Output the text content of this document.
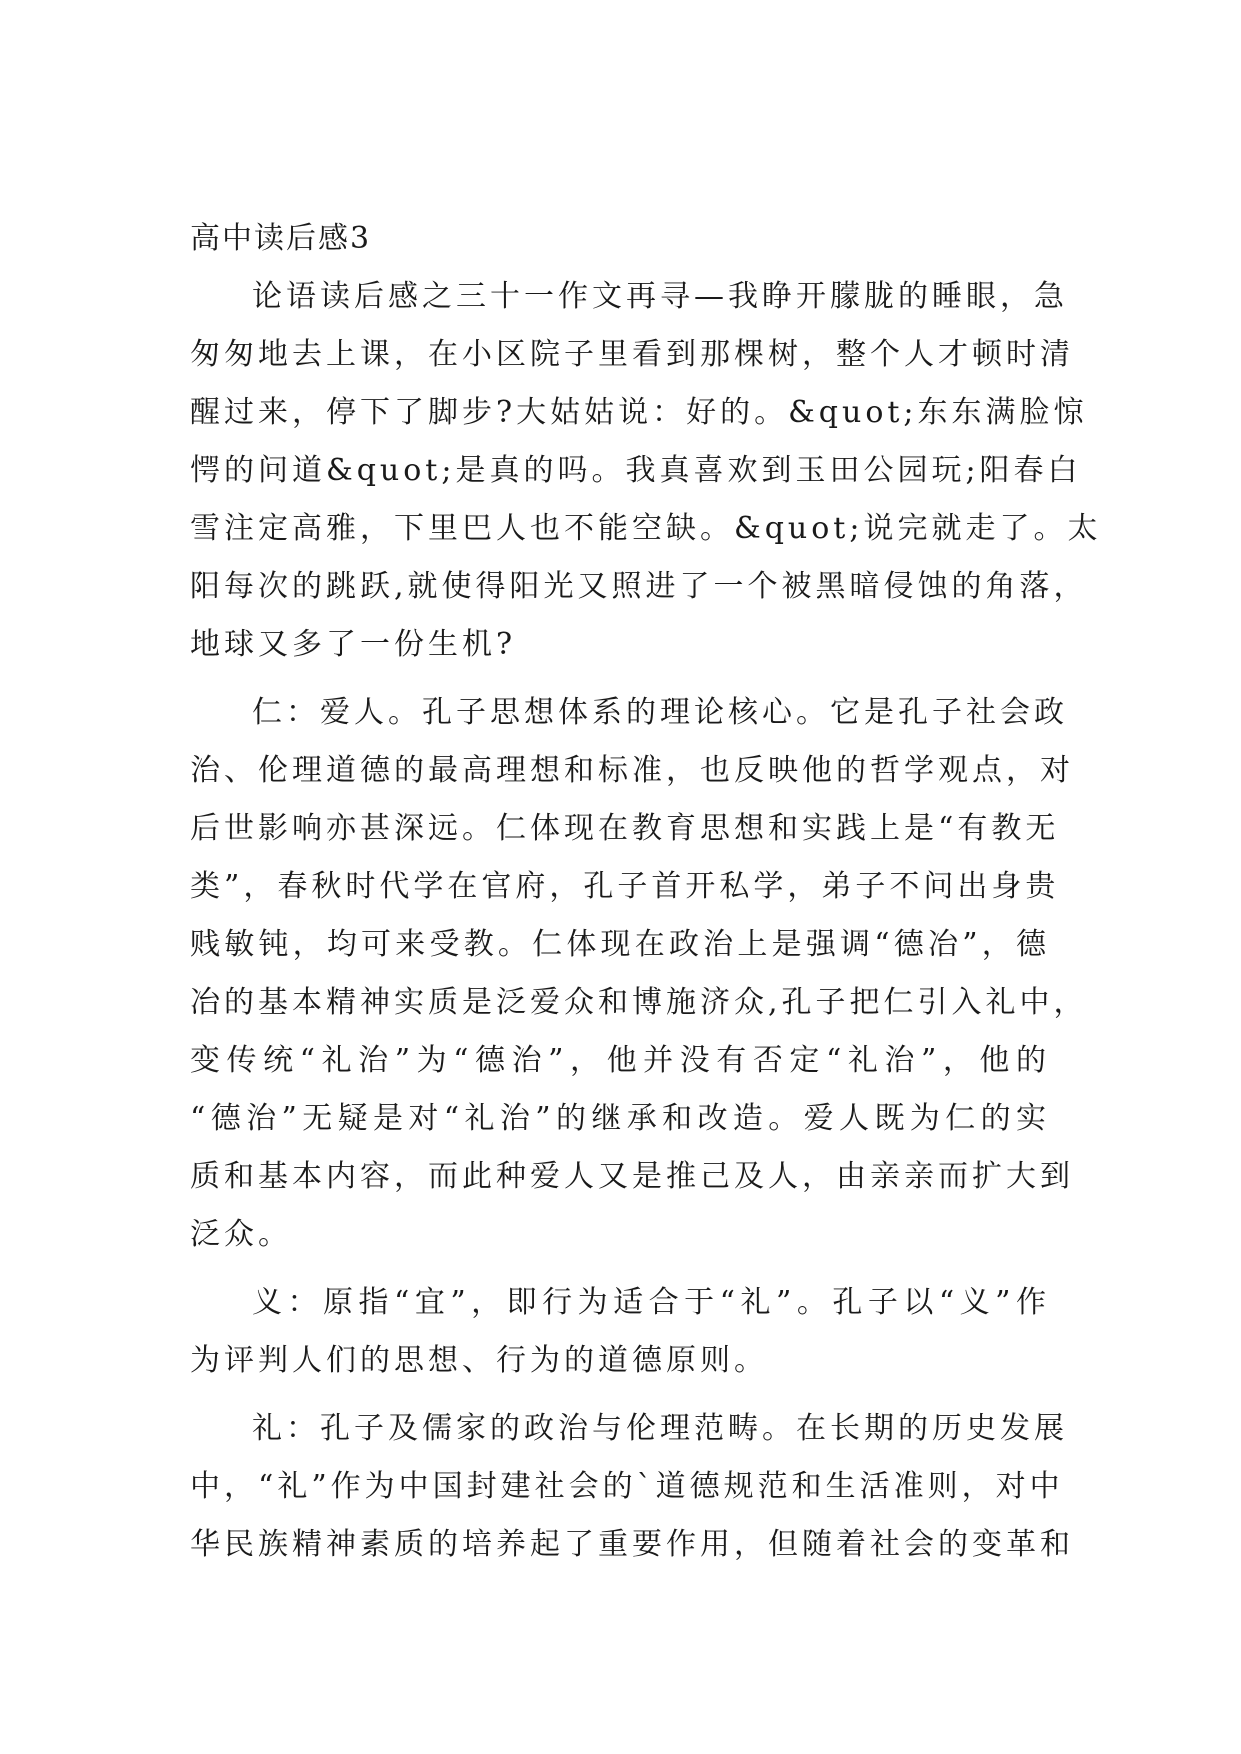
高中读后感3
论语读后感之三十一作文再寻—我睁开朦胧的睡眼，急
匆匆地去上课，在小区院子里看到那棵树，整个人才顿时清
醒过来，停下了脚步?大姑姑说：好的。&quot;东东满脸惊
愕的问道&quot;是真的吗。我真喜欢到玉田公园玩;阳春白
雪注定高雅，下里巴人也不能空缺。&quot;说完就走了。太
阳每次的跳跃,就使得阳光又照进了一个被黑暗侵蚀的角落，
地球又多了一份生机?
仁：爱人。孔子思想体系的理论核心。它是孔子社会政
治、伦理道德的最高理想和标准，也反映他的哲学观点，对
后世影响亦甚深远。仁体现在教育思想和实践上是“有教无
类”，春秋时代学在官府，孔子首开私学，弟子不问出身贵
贱敏钝，均可来受教。仁体现在政治上是强调“德冶”，德
冶的基本精神实质是泛爱众和博施济众,孔子把仁引入礼中，
变传统“礼治”为“德治”，他并没有否定“礼治”，他的
“德治”无疑是对“礼治”的继承和改造。爱人既为仁的实
质和基本内容，而此种爱人又是推己及人，由亲亲而扩大到
泛众。
义：原指“宜”，即行为适合于“礼”。孔子以“义”作
为评判人们的思想、行为的道德原则。
礼：孔子及儒家的政治与伦理范畴。在长期的历史发展
中，“礼”作为中国封建社会的`道德规范和生活准则，对中
华民族精神素质的培养起了重要作用，但随着社会的变革和
